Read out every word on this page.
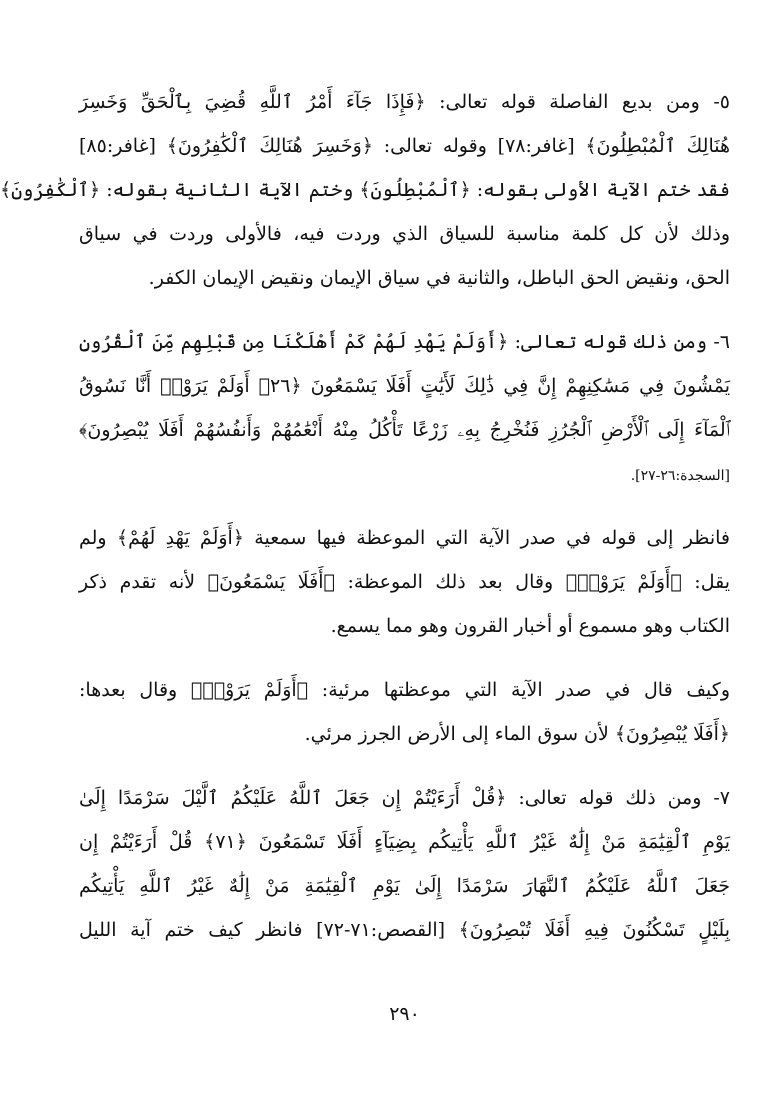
٥- ومن بديع الفاصلة قوله تعالى: ﴿فَإِذَا جَآءَ أَمْرُ ٱللَّهِ قُضِيَ بِٱلْحَقِّ وَخَسِرَ
هُنَالِكَ ٱلْمُبْطِلُونَ﴾ [غافر:٧٨] وقوله تعالى: ﴿وَخَسِرَ هُنَالِكَ ٱلْكَٰفِرُونَ﴾ [غافر:٨٥]
فقد ختم الآية الأولى بقوله: ﴿ٱلْمُبْطِلُونَ﴾ وختم الآية الثانية بقوله: ﴿ٱلْكَٰفِرُونَ﴾
وذلك لأن كل كلمة مناسبة للسياق الذي وردت فيه، فالأولى وردت في سياق
الحق، ونقيض الحق الباطل، والثانية في سياق الإيمان ونقيض الإيمان الكفر.
٦- ومن ذلك قوله تعالى: ﴿أَوَلَمْ يَهْدِ لَهُمْ كَمْ أَهْلَكْنَا مِن قَبْلِهِم مِّنَ ٱلْقُرُونِ
يَمْشُونَ فِي مَسَٰكِنِهِمْ إِنَّ فِي ذَٰلِكَ لَأَيَٰتٍ أَفَلَا يَسْمَعُونَ ﴿٢٦﴾ أَوَلَمْ يَرَوْا۟ أَنَّا نَسُوقُ
ٱلْمَآءَ إِلَى ٱلْأَرْضِ ٱلْجُرُزِ فَنُخْرِجُ بِهِۦ زَرْعًا تَأْكُلُ مِنْهُ أَنْعَٰمُهُمْ وَأَنفُسُهُمْ أَفَلَا يُبْصِرُونَ﴾
[السجدة:٢٦-٢٧].
فانظر إلى قوله في صدر الآية التي الموعظة فيها سمعية ﴿أَوَلَمْ يَهْدِ لَهُمْ﴾ ولم
يقل: ﴿أَوَلَمْ يَرَوْا۟﴾ وقال بعد ذلك الموعظة: ﴿أَفَلَا يَسْمَعُونَ﴾ لأنه تقدم ذكر
الكتاب وهو مسموع أو أخبار القرون وهو مما يسمع.
وكيف قال في صدر الآية التي موعظتها مرئية: ﴿أَوَلَمْ يَرَوْا۟﴾ وقال بعدها:
﴿أَفَلَا يُبْصِرُونَ﴾ لأن سوق الماء إلى الأرض الجرز مرئي.
٧- ومن ذلك قوله تعالى: ﴿قُلْ أَرَءَيْتُمْ إِن جَعَلَ ٱللَّهُ عَلَيْكُمُ ٱلَّيْلَ سَرْمَدًا إِلَىٰ
يَوْمِ ٱلْقِيَٰمَةِ مَنْ إِلَٰهٌ غَيْرُ ٱللَّهِ يَأْتِيكُم بِضِيَآءٍ أَفَلَا تَسْمَعُونَ ﴿٧١﴾ قُلْ أَرَءَيْتُمْ إِن
جَعَلَ ٱللَّهُ عَلَيْكُمُ ٱلنَّهَارَ سَرْمَدًا إِلَىٰ يَوْمِ ٱلْقِيَٰمَةِ مَنْ إِلَٰهٌ غَيْرُ ٱللَّهِ يَأْتِيكُم
بِلَيْلٍ تَسْكُنُونَ فِيهِ أَفَلَا تُبْصِرُونَ﴾ [القصص:٧١-٧٢] فانظر كيف ختم آية الليل
٢٩٠
